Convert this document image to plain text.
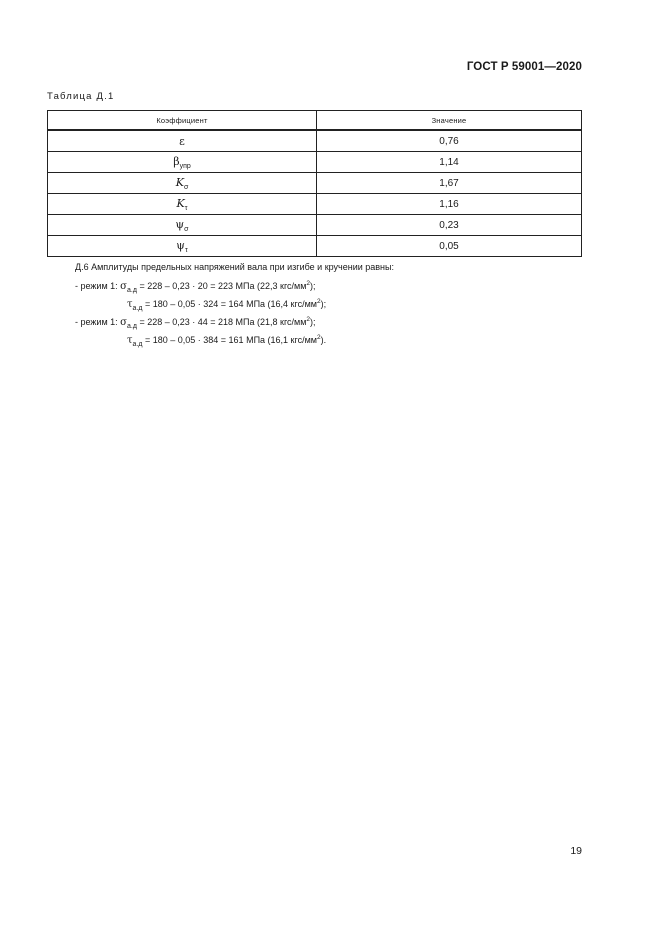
ГОСТ Р 59001—2020
Таблица Д.1
Коэффициент	Значение
ε	0,76
$\beta_{упр}$	1,14
$K_\sigma$	1,67
$K_\tau$	1,16
$\psi_\sigma$	0,23
$\psi_\tau$	0,05
Д.6 Амплитуды предельных напряжений вала при изгибе и кручении равны:
- режим 1: $\sigma_{а.д} = 228 - 0,23 \cdot 20 = 223$ МПа (22,3 кгс/$мм^2$);
$\tau_{а.д} = 180 - 0,05 \cdot 324 = 164$ МПа (16,4 кгс/$мм^2$);
- режим 1: $\sigma_{а.д} = 228 - 0,23 \cdot 44 = 218$ МПа (21,8 кгс/$мм^2$);
$\tau_{а.д} = 180 - 0,05 \cdot 384 = 161$ МПа (16,1 кгс/$мм^2$).
19
